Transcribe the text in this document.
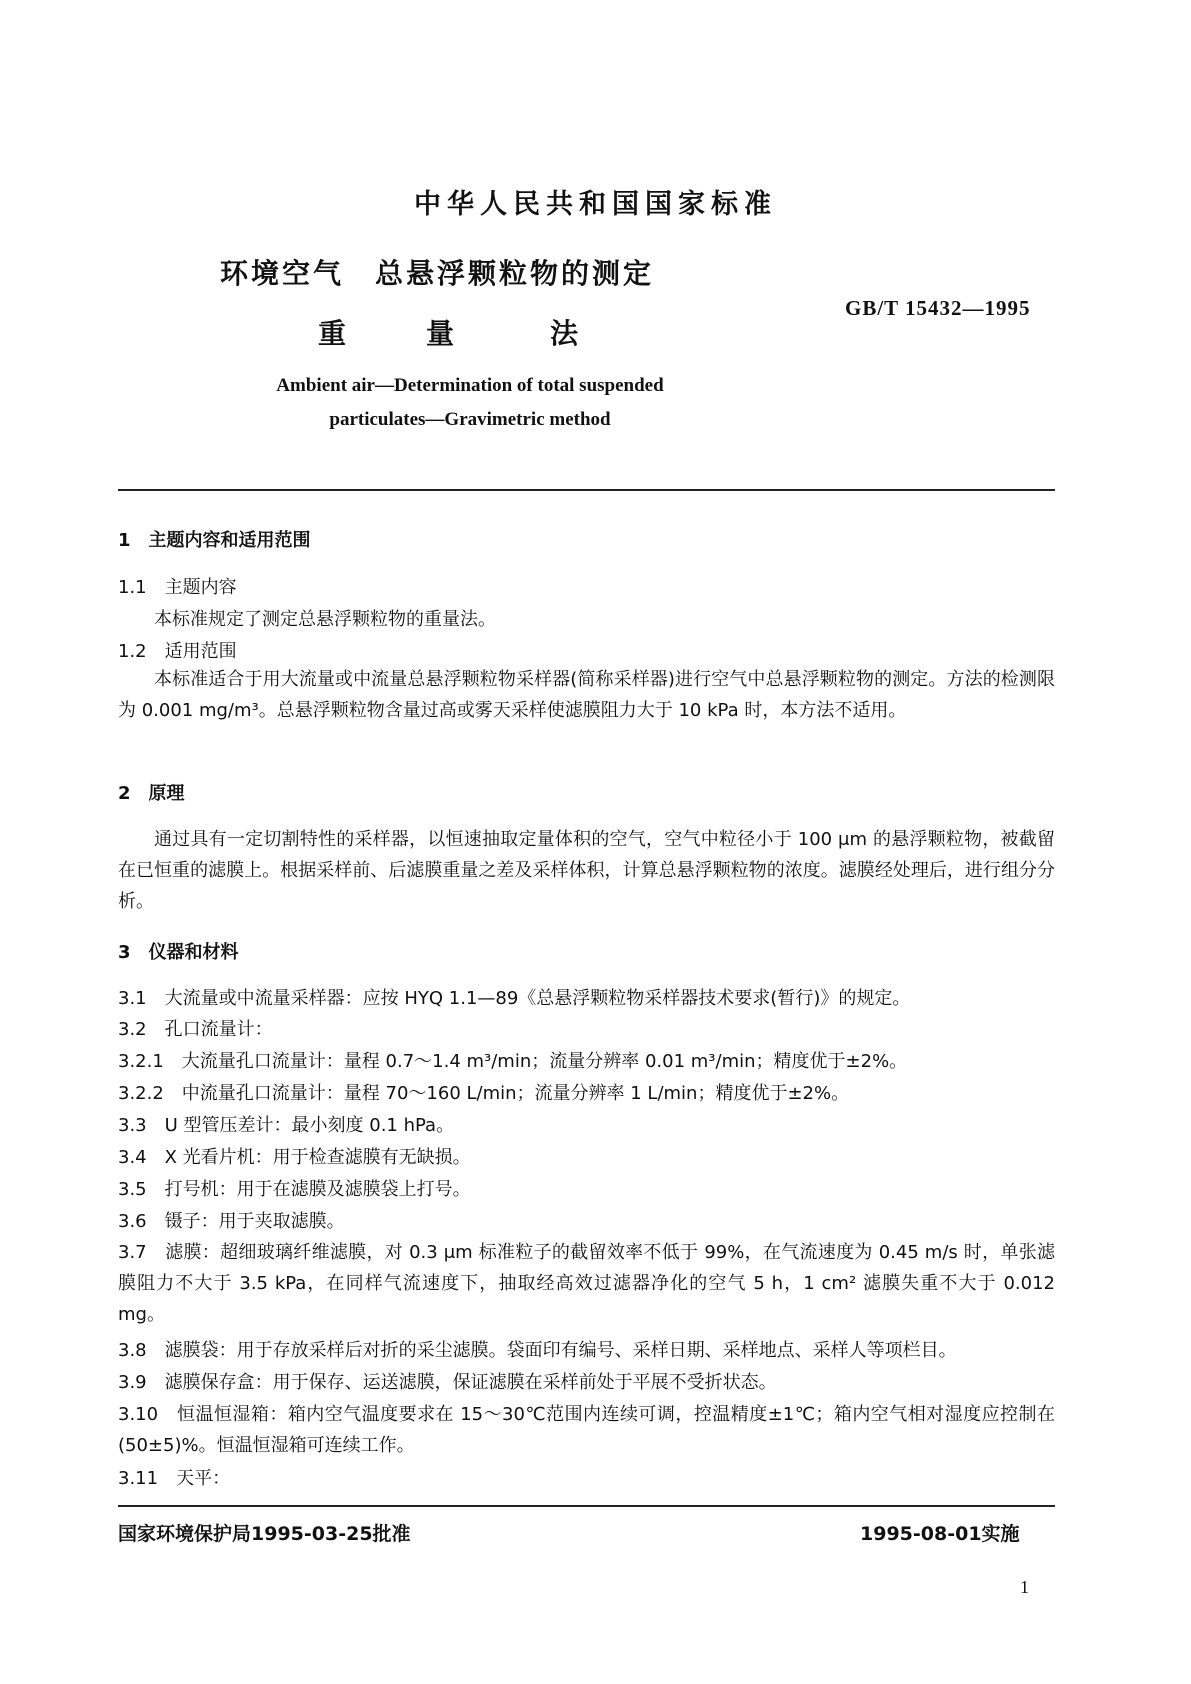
中华人民共和国国家标准
环境空气　总悬浮颗粒物的测定
重	量	法
GB/T 15432—1995
Ambient air—Determination of total suspended
particulates—Gravimetric method
1　主题内容和适用范围
1.1　主题内容
本标准规定了测定总悬浮颗粒物的重量法。
1.2　适用范围
本标准适合于用大流量或中流量总悬浮颗粒物采样器(简称采样器)进行空气中总悬浮颗粒物的测定。方法的检测限为 0.001 mg/m³。总悬浮颗粒物含量过高或雾天采样使滤膜阻力大于 10 kPa 时，本方法不适用。
2　原理
通过具有一定切割特性的采样器，以恒速抽取定量体积的空气，空气中粒径小于 100 μm 的悬浮颗粒物，被截留在已恒重的滤膜上。根据采样前、后滤膜重量之差及采样体积，计算总悬浮颗粒物的浓度。滤膜经处理后，进行组分分析。
3　仪器和材料
3.1　大流量或中流量采样器：应按 HYQ 1.1—89《总悬浮颗粒物采样器技术要求(暂行)》的规定。
3.2　孔口流量计：
3.2.1　大流量孔口流量计：量程 0.7～1.4 m³/min；流量分辨率 0.01 m³/min；精度优于±2%。
3.2.2　中流量孔口流量计：量程 70～160 L/min；流量分辨率 1 L/min；精度优于±2%。
3.3　U 型管压差计：最小刻度 0.1 hPa。
3.4　X 光看片机：用于检查滤膜有无缺损。
3.5　打号机：用于在滤膜及滤膜袋上打号。
3.6　镊子：用于夹取滤膜。
3.7　滤膜：超细玻璃纤维滤膜，对 0.3 μm 标准粒子的截留效率不低于 99%，在气流速度为 0.45 m/s 时，单张滤膜阻力不大于 3.5 kPa，在同样气流速度下，抽取经高效过滤器净化的空气 5 h，1 cm² 滤膜失重不大于 0.012 mg。
3.8　滤膜袋：用于存放采样后对折的采尘滤膜。袋面印有编号、采样日期、采样地点、采样人等项栏目。
3.9　滤膜保存盒：用于保存、运送滤膜，保证滤膜在采样前处于平展不受折状态。
3.10　恒温恒湿箱：箱内空气温度要求在 15～30℃范围内连续可调，控温精度±1℃；箱内空气相对湿度应控制在(50±5)%。恒温恒湿箱可连续工作。
3.11　天平：
国家环境保护局1995-03-25批准	1995-08-01实施
1
